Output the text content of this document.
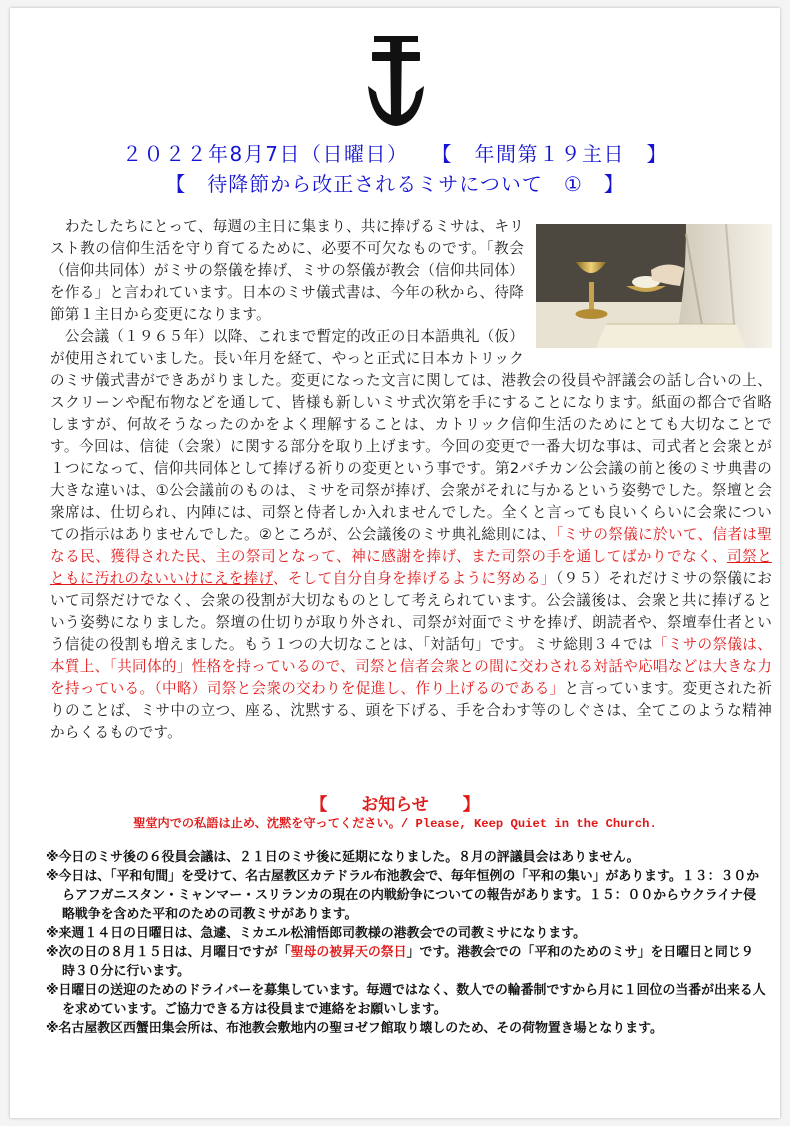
２０２２年8月7日（日曜日）　　【　年間第１９主日　】
【　待降節から改正されるミサについて　①　】
　わたしたちにとって、毎週の主日に集まり、共に捧げるミサは、キリスト教の信仰生活を守り育てるために、必要不可欠なものです。「教会（信仰共同体）がミサの祭儀を捧げ、ミサの祭儀が教会（信仰共同体）を作る」と言われています。日本のミサ儀式書は、今年の秋から、待降節第１主日から変更になります。
　公会議（１９６５年）以降、これまで暫定的改正の日本語典礼（仮）が使用されていました。長い年月を経て、やっと正式に日本カトリックのミサ儀式書ができあがりました。変更になった文言に関しては、港教会の役員や評議会の話し合いの上、スクリーンや配布物などを通して、皆様も新しいミサ式次第を手にすることになります。紙面の都合で省略しますが、何故そうなったのかをよく理解することは、カトリック信仰生活のためにとても大切なことです。今回は、信徒（会衆）に関する部分を取り上げます。今回の変更で一番大切な事は、司式者と会衆とが１つになって、信仰共同体として捧げる祈りの変更という事です。第2バチカン公会議の前と後のミサ典書の大きな違いは、①公会議前のものは、ミサを司祭が捧げ、会衆がそれに与かるという姿勢でした。祭壇と会衆席は、仕切られ、内陣には、司祭と侍者しか入れませんでした。全くと言っても良いくらいに会衆についての指示はありませんでした。②ところが、公会議後のミサ典礼総則には、「ミサの祭儀に於いて、信者は聖なる民、獲得された民、主の祭司となって、神に感謝を捧げ、また司祭の手を通してばかりでなく、司祭とともに汚れのないいけにえを捧げ、そして自分自身を捧げるように努める」（９５）それだけミサの祭儀において司祭だけでなく、会衆の役割が大切なものとして考えられています。公会議後は、会衆と共に捧げるという姿勢になりました。祭壇の仕切りが取り外され、司祭が対面でミサを捧げ、朗読者や、祭壇奉仕者という信徒の役割も増えました。もう１つの大切なことは、「対話句」です。ミサ総則３４では「ミサの祭儀は、本質上、「共同体的」性格を持っているので、司祭と信者会衆との間に交わされる対話や応唱などは大きな力を持っている。（中略）司祭と会衆の交わりを促進し、作り上げるのである」と言っています。変更された祈りのことば、ミサ中の立つ、座る、沈黙する、頭を下げる、手を合わす等のしぐさは、全てこのような精神からくるものです。
【　　お知らせ　　】
聖堂内での私語は止め、沈黙を守ってください。/ Please, Keep Quiet in the Church.

※今日のミサ後の６役員会議は、２１日のミサ後に延期になりました。８月の評議員会はありません。

※今日は、「平和旬間」を受けて、名古屋教区カテドラル布池教会で、毎年恒例の「平和の集い」があります。１３：３０からアフガニスタン・ミャンマー・スリランカの現在の内戦紛争についての報告があります。１５：００からウクライナ侵略戦争を含めた平和のための司教ミサがあります。

※来週１４日の日曜日は、急遽、ミカエル松浦悟郎司教様の港教会での司教ミサになります。

※次の日の８月１５日は、月曜日ですが「聖母の被昇天の祭日」です。港教会での「平和のためのミサ」を日曜日と同じ９時３０分に行います。

※日曜日の送迎のためのドライバーを募集しています。毎週ではなく、数人での輪番制ですから月に１回位の当番が出来る人を求めています。ご協力できる方は役員まで連絡をお願いします。

※名古屋教区西蟹田集会所は、布池教会敷地内の聖ヨゼフ館取り壊しのため、その荷物置き場となります。
